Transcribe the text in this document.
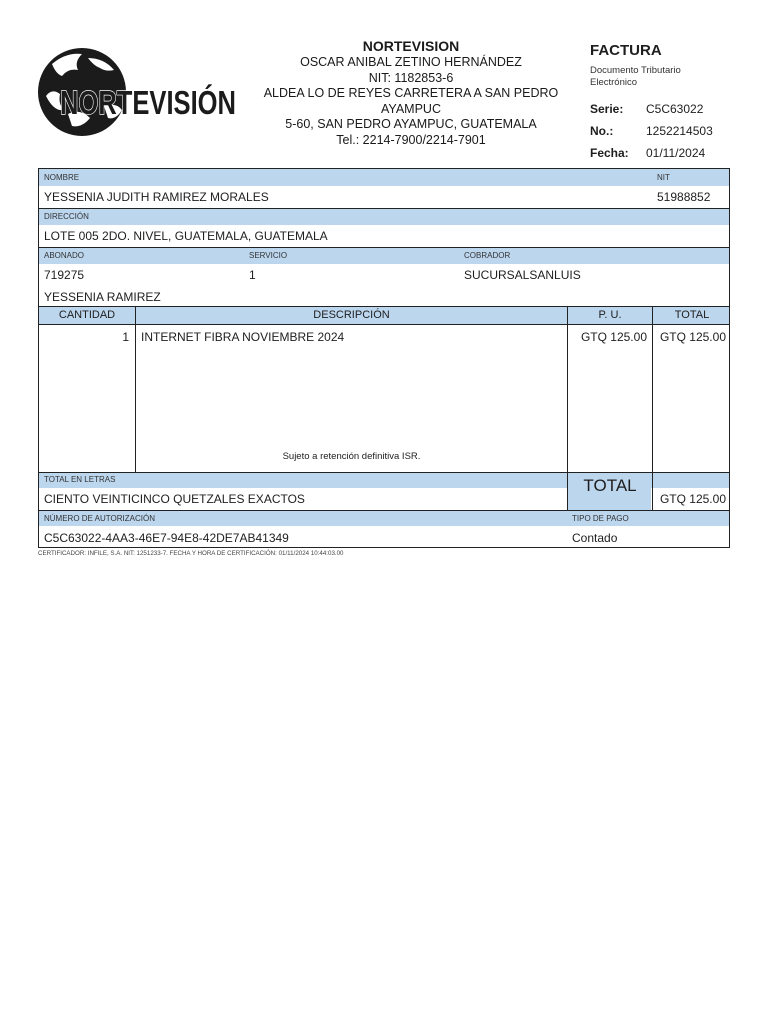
NORTEVISIÓN
NORTEVISION
OSCAR ANIBAL ZETINO HERNÁNDEZ
NIT: 1182853-6
ALDEA LO DE REYES CARRETERA A SAN PEDRO AYAMPUC
5-60, SAN PEDRO AYAMPUC, GUATEMALA
Tel.: 2214-7900/2214-7901
FACTURA
Documento Tributario Electrónico
Serie:	C5C63022
No.:	1252214503
Fecha:	01/11/2024
NOMBRE	NIT
YESSENIA JUDITH RAMIREZ MORALES	51988852
DIRECCIÓN
LOTE 005 2DO. NIVEL, GUATEMALA, GUATEMALA
ABONADO	SERVICIO	COBRADOR
719275	1	SUCURSALSANLUIS
YESSENIA RAMIREZ
CANTIDAD	DESCRIPCIÓN	P. U.	TOTAL
1 INTERNET FIBRA NOVIEMBRE 2024	GTQ 125.00	GTQ 125.00
Sujeto a retención definitiva ISR.
TOTAL EN LETRAS
CIENTO VEINTICINCO QUETZALES EXACTOS
TOTAL
GTQ 125.00
NÚMERO DE AUTORIZACIÓN	TIPO DE PAGO
C5C63022-4AA3-46E7-94E8-42DE7AB41349	Contado
CERTIFICADOR: INFILE, S.A. NIT: 1251233-7. FECHA Y HORA DE CERTIFICACIÓN: 01/11/2024 10:44:03.00
